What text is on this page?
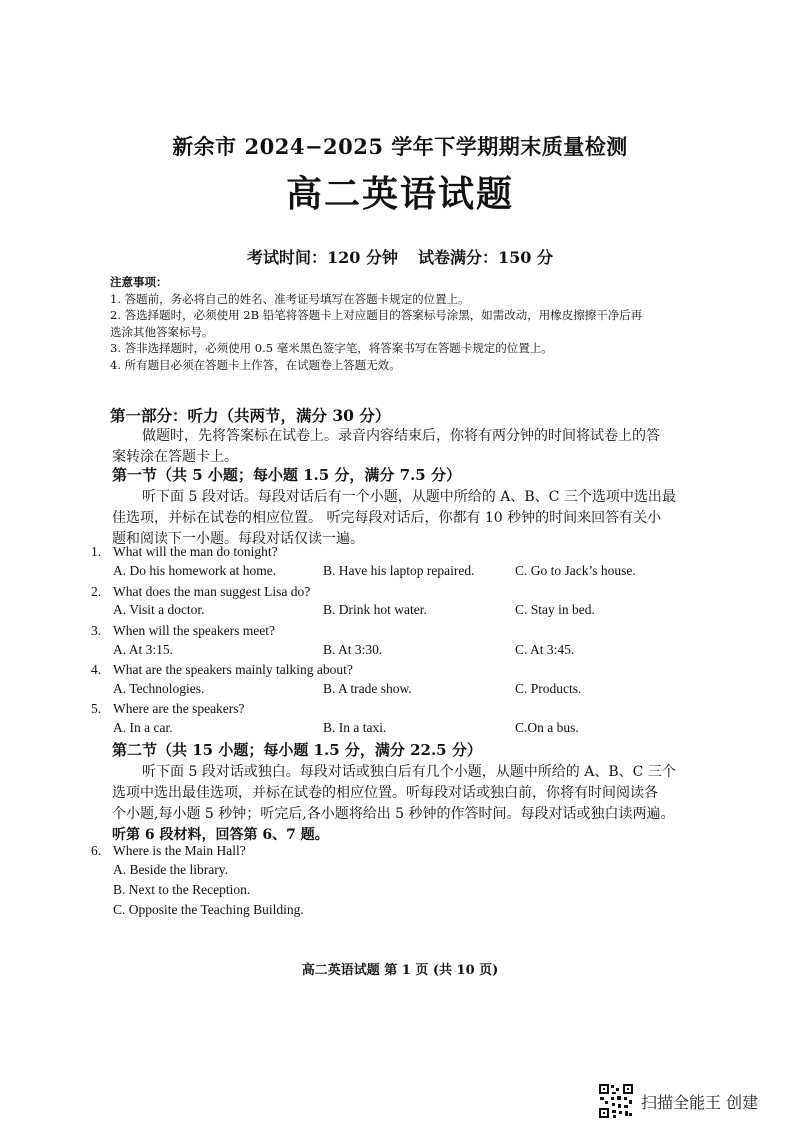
新余市 2024−2025 学年下学期期末质量检测
高二英语试题
考试时间：120 分钟 试卷满分：150 分
注意事项：
1. 答题前，务必将自己的姓名、准考证号填写在答题卡规定的位置上。
2. 答选择题时，必须使用 2B 铅笔将答题卡上对应题目的答案标号涂黑，如需改动，用橡皮擦擦干净后再
选涂其他答案标号。
3. 答非选择题时，必须使用 0.5 毫米黑色签字笔，将答案书写在答题卡规定的位置上。
4. 所有题目必须在答题卡上作答，在试题卷上答题无效。
第一部分：听力（共两节，满分 30 分）
做题时，先将答案标在试卷上。录音内容结束后，你将有两分钟的时间将试卷上的答
案转涂在答题卡上。
第一节（共 5 小题；每小题 1.5 分，满分 7.5 分）
听下面 5 段对话。每段对话后有一个小题，从题中所给的 A、B、C 三个选项中选出最
佳选项，并标在试卷的相应位置。 听完每段对话后，你都有 10 秒钟的时间来回答有关小
题和阅读下一小题。每段对话仅读一遍。
1. What will the man do tonight?
A. Do his homework at home.	B. Have his laptop repaired.	C. Go to Jack’s house.
2. What does the man suggest Lisa do?
A. Visit a doctor.	B. Drink hot water.	C. Stay in bed.
3. When will the speakers meet?
A. At 3:15.	B. At 3:30.	C. At 3:45.
4. What are the speakers mainly talking about?
A. Technologies.	B. A trade show.	C. Products.
5. Where are the speakers?
A. In a car.	B. In a taxi.	C.On a bus.
第二节（共 15 小题；每小题 1.5 分，满分 22.5 分）
听下面 5 段对话或独白。每段对话或独白后有几个小题，从题中所给的 A、B、C 三个
选项中选出最佳选项，并标在试卷的相应位置。听每段对话或独白前，你将有时间阅读各
个小题,每小题 5 秒钟；听完后,各小题将给出 5 秒钟的作答时间。每段对话或独白读两遍。
听第 6 段材料，回答第 6、7 题。
6. Where is the Main Hall?
A. Beside the library.
B. Next to the Reception.
C. Opposite the Teaching Building.
高二英语试题 第 1 页 (共 10 页)
扫描全能王 创建
